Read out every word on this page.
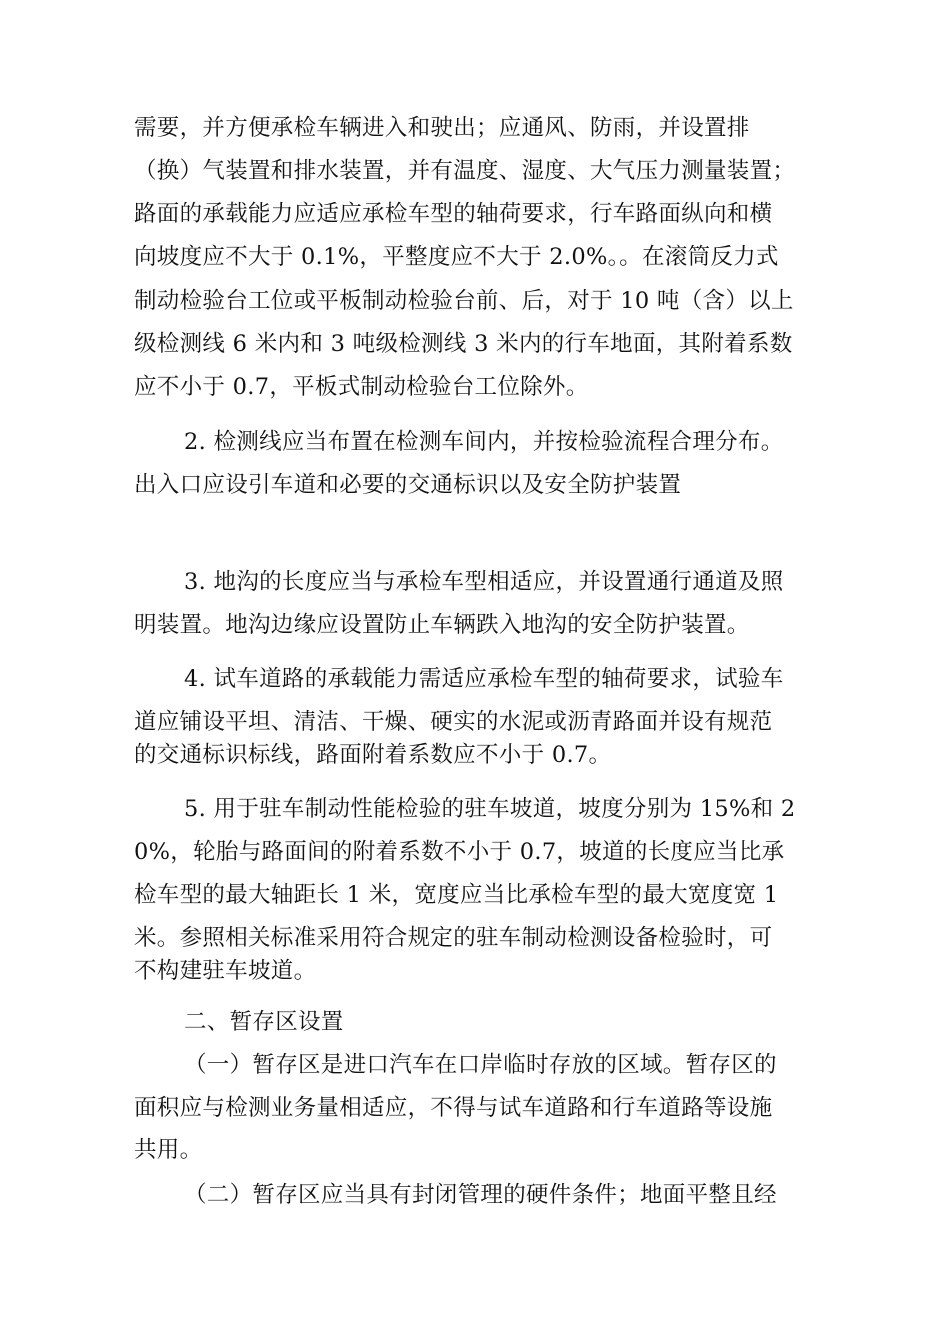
需要，并方便承检车辆进入和驶出；应通风、防雨，并设置排
（换）气装置和排水装置，并有温度、湿度、大气压力测量装置；
路面的承载能力应适应承检车型的轴荷要求，行车路面纵向和横
向坡度应不大于 0.1%，平整度应不大于 2.0%。。在滚筒反力式
制动检验台工位或平板制动检验台前、后，对于 10 吨（含）以上
级检测线 6 米内和 3 吨级检测线 3 米内的行车地面，其附着系数
应不小于 0.7，平板式制动检验台工位除外。
2. 检测线应当布置在检测车间内，并按检验流程合理分布。
出入口应设引车道和必要的交通标识以及安全防护装置
3. 地沟的长度应当与承检车型相适应，并设置通行通道及照
明装置。地沟边缘应设置防止车辆跌入地沟的安全防护装置。
4. 试车道路的承载能力需适应承检车型的轴荷要求，试验车
道应铺设平坦、清洁、干燥、硬实的水泥或沥青路面并设有规范
的交通标识标线，路面附着系数应不小于 0.7。
5. 用于驻车制动性能检验的驻车坡道，坡度分别为 15%和 2
0%，轮胎与路面间的附着系数不小于 0.7，坡道的长度应当比承
检车型的最大轴距长 1 米，宽度应当比承检车型的最大宽度宽 1
米。参照相关标准采用符合规定的驻车制动检测设备检验时，可
不构建驻车坡道。
二、暂存区设置
（一）暂存区是进口汽车在口岸临时存放的区域。暂存区的
面积应与检测业务量相适应，不得与试车道路和行车道路等设施
共用。
（二）暂存区应当具有封闭管理的硬件条件；地面平整且经
